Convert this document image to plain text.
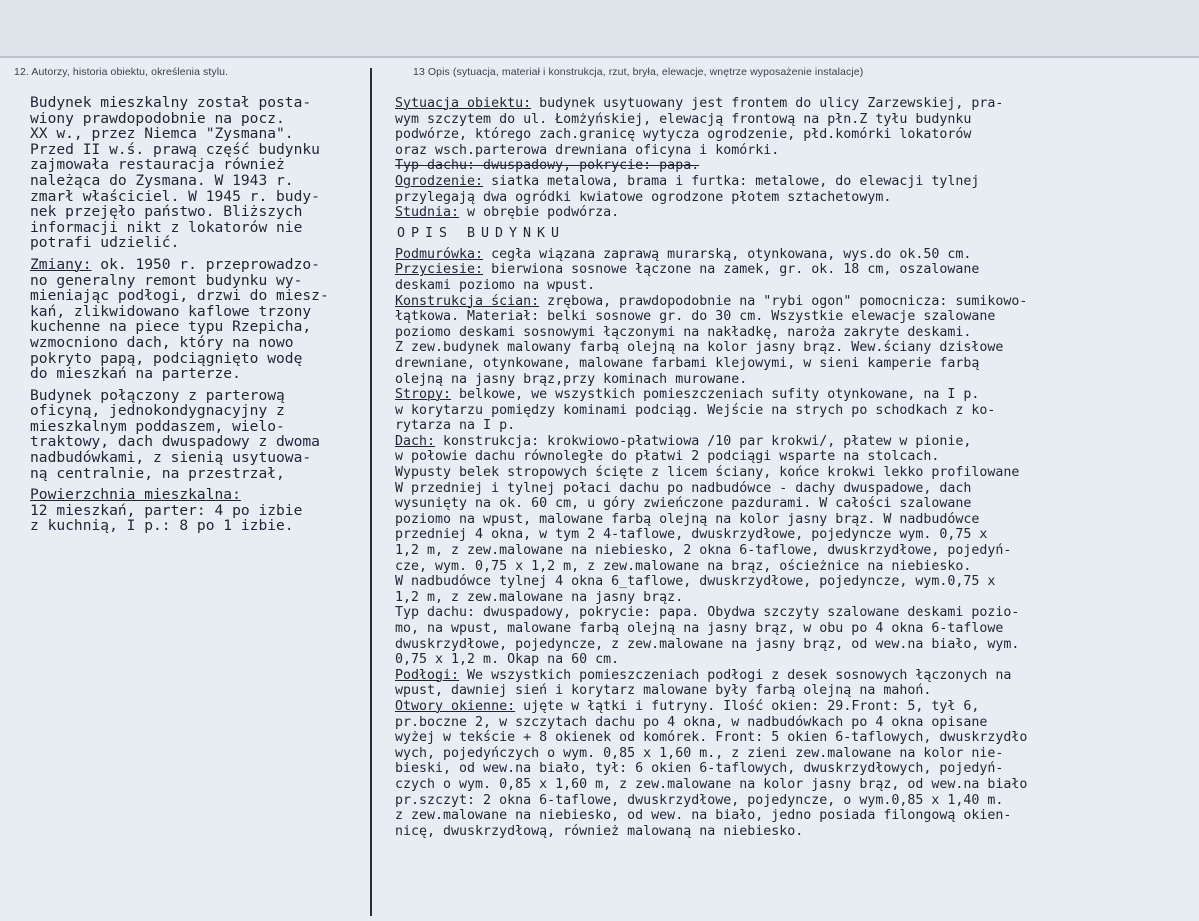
12. Autorzy, historia obiektu, określenia stylu.	13 Opis (sytuacja, materiał i konstrukcja, rzut, bryła, elewacje, wnętrze wyposażenie instalacje)
Budynek mieszkalny został posta-
wiony prawdopodobnie na pocz.
XX w., przez Niemca "Zysmana".
Przed II w.ś. prawą część budynku
zajmowała restauracja również
należąca do Zysmana. W 1943 r.
zmarł właściciel. W 1945 r. budy-
nek przejęło państwo. Bliższych
informacji nikt z lokatorów nie
potrafi udzielić.
Zmiany: ok. 1950 r. przeprowadzo-
no generalny remont budynku wy-
mieniając podłogi, drzwi do miesz-
kań, zlikwidowano kaflowe trzony
kuchenne na piece typu Rzepicha,
wzmocniono dach, który na nowo
pokryto papą, podciągnięto wodę
do mieszkań na parterze.
Budynek połączony z parterową
oficyną, jednokondygnacyjny z
mieszkalnym poddaszem, wielo-
traktowy, dach dwuspadowy z dwoma
nadbudówkami, z sienią usytuowa-
ną centralnie, na przestrzał,
Powierzchnia mieszkalna:
12 mieszkań, parter: 4 po izbie
z kuchnią, I p.: 8 po 1 izbie.
Sytuacja obiektu: budynek usytuowany jest frontem do ulicy Zarzewskiej, pra-
wym szczytem do ul. Łomżyńskiej, elewacją frontową na płn.Z tyłu budynku
podwórze, którego zach.granicę wytycza ogrodzenie, płd.komórki lokatorów
oraz wsch.parterowa drewniana oficyna i komórki.
Typ dachu: dwuspadowy, pokrycie: papa.
Ogrodzenie: siatka metalowa, brama i furtka: metalowe, do elewacji tylnej
przylegają dwa ogródki kwiatowe ogrodzone płotem sztachetowym.
Studnia: w obrębie podwórza.
OPIS BUDYNKU
Podmurówka: cegła wiązana zaprawą murarską, otynkowana, wys.do ok.50 cm.
Przyciesie: bierwiona sosnowe łączone na zamek, gr. ok. 18 cm, oszalowane
deskami poziomo na wpust.
Konstrukcja ścian: zrębowa, prawdopodobnie na "rybi ogon" pomocnicza: sumikowo-
łątkowa. Materiał: belki sosnowe gr. do 30 cm. Wszystkie elewacje szalowane
poziomo deskami sosnowymi łączonymi na nakładkę, naroża zakryte deskami.
Z zew.budynek malowany farbą olejną na kolor jasny brąz. Wew.ściany dzisłowe
drewniane, otynkowane, malowane farbami klejowymi, w sieni kamperie farbą
olejną na jasny brąz,przy kominach murowane.
Stropy: belkowe, we wszystkich pomieszczeniach sufity otynkowane, na I p.
w korytarzu pomiędzy kominami podciąg. Wejście na strych po schodkach z ko-
rytarza na I p.
Dach: konstrukcja: krokwiowo-płatwiowa /10 par krokwi/, płatew w pionie,
w połowie dachu równoległe do płatwi 2 podciągi wsparte na stolcach.
Wypusty belek stropowych ścięte z licem ściany, końce krokwi lekko profilowane
W przedniej i tylnej połaci dachu po nadbudówce - dachy dwuspadowe, dach
wysunięty na ok. 60 cm, u góry zwieńczone pazdurami. W całości szalowane
poziomo na wpust, malowane farbą olejną na kolor jasny brąz. W nadbudówce
przedniej 4 okna, w tym 2 4-taflowe, dwuskrzydłowe, pojedyncze wym. 0,75 x
1,2 m, z zew.malowane na niebiesko, 2 okna 6-taflowe, dwuskrzydłowe, pojedyń-
cze, wym. 0,75 x 1,2 m, z zew.malowane na brąz, ościeżnice na niebiesko.
W nadbudówce tylnej 4 okna 6_taflowe, dwuskrzydłowe, pojedyncze, wym.0,75 x
1,2 m, z zew.malowane na jasny brąz.
Typ dachu: dwuspadowy, pokrycie: papa. Obydwa szczyty szalowane deskami pozio-
mo, na wpust, malowane farbą olejną na jasny brąz, w obu po 4 okna 6-taflowe
dwuskrzydłowe, pojedyncze, z zew.malowane na jasny brąz, od wew.na biało, wym.
0,75 x 1,2 m. Okap na 60 cm.
Podłogi: We wszystkich pomieszczeniach podłogi z desek sosnowych łączonych na
wpust, dawniej sień i korytarz malowane były farbą olejną na mahoń.
Otwory okienne: ujęte w łątki i futryny. Ilość okien: 29.Front: 5, tył 6,
pr.boczne 2, w szczytach dachu po 4 okna, w nadbudówkach po 4 okna opisane
wyżej w tekście + 8 okienek od komórek. Front: 5 okien 6-taflowych, dwuskrzydło
wych, pojedyńczych o wym. 0,85 x 1,60 m., z zieni zew.malowane na kolor nie-
bieski, od wew.na biało, tył: 6 okien 6-taflowych, dwuskrzydłowych, pojedyń-
czych o wym. 0,85 x 1,60 m, z zew.malowane na kolor jasny brąz, od wew.na biało
pr.szczyt: 2 okna 6-taflowe, dwuskrzydłowe, pojedyncze, o wym.0,85 x 1,40 m.
z zew.malowane na niebiesko, od wew. na biało, jedno posiada filongową okien-
nicę, dwuskrzydłową, również malowaną na niebiesko.
